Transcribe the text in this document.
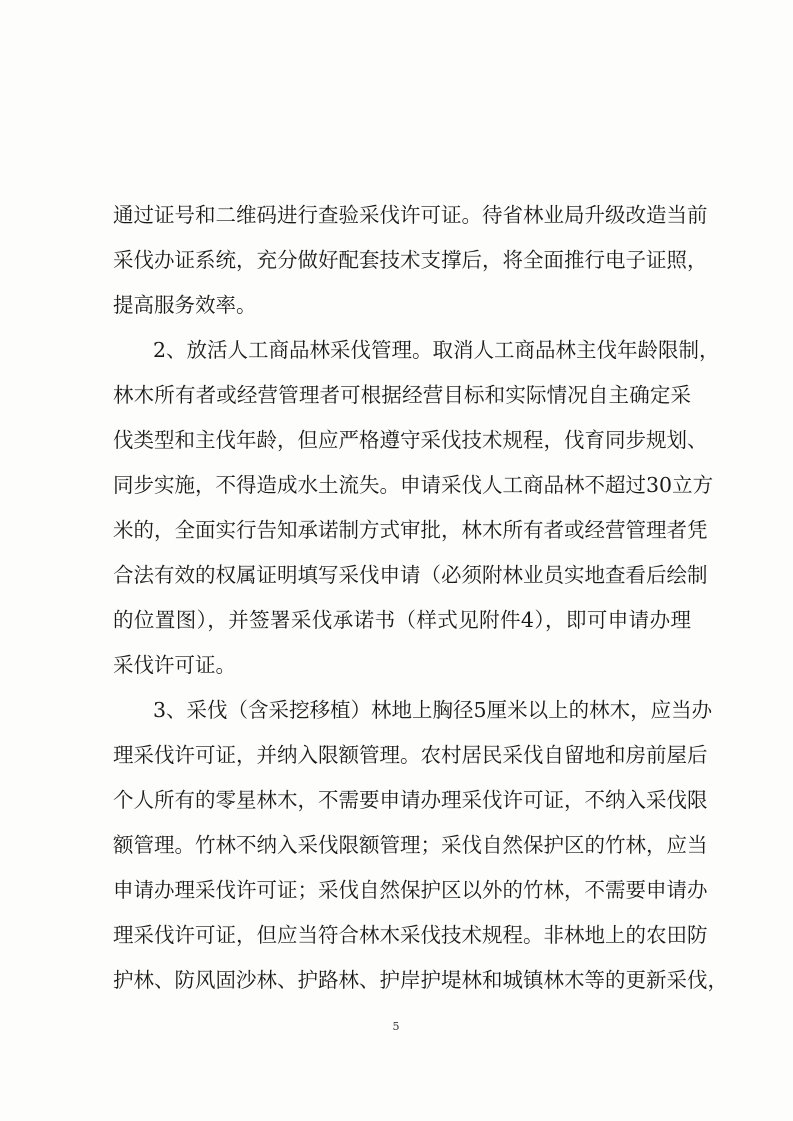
通过证号和二维码进行查验采伐许可证。待省林业局升级改造当前
采伐办证系统，充分做好配套技术支撑后，将全面推行电子证照，
提高服务效率。
2、放活人工商品林采伐管理。取消人工商品林主伐年龄限制，
林木所有者或经营管理者可根据经营目标和实际情况自主确定采
伐类型和主伐年龄，但应严格遵守采伐技术规程，伐育同步规划、
同步实施，不得造成水土流失。申请采伐人工商品林不超过30立方
米的，全面实行告知承诺制方式审批，林木所有者或经营管理者凭
合法有效的权属证明填写采伐申请（必须附林业员实地查看后绘制
的位置图），并签署采伐承诺书（样式见附件4），即可申请办理
采伐许可证。
3、采伐（含采挖移植）林地上胸径5厘米以上的林木，应当办
理采伐许可证，并纳入限额管理。农村居民采伐自留地和房前屋后
个人所有的零星林木，不需要申请办理采伐许可证，不纳入采伐限
额管理。竹林不纳入采伐限额管理；采伐自然保护区的竹林，应当
申请办理采伐许可证；采伐自然保护区以外的竹林，不需要申请办
理采伐许可证，但应当符合林木采伐技术规程。非林地上的农田防
护林、防风固沙林、护路林、护岸护堤林和城镇林木等的更新采伐，
5
